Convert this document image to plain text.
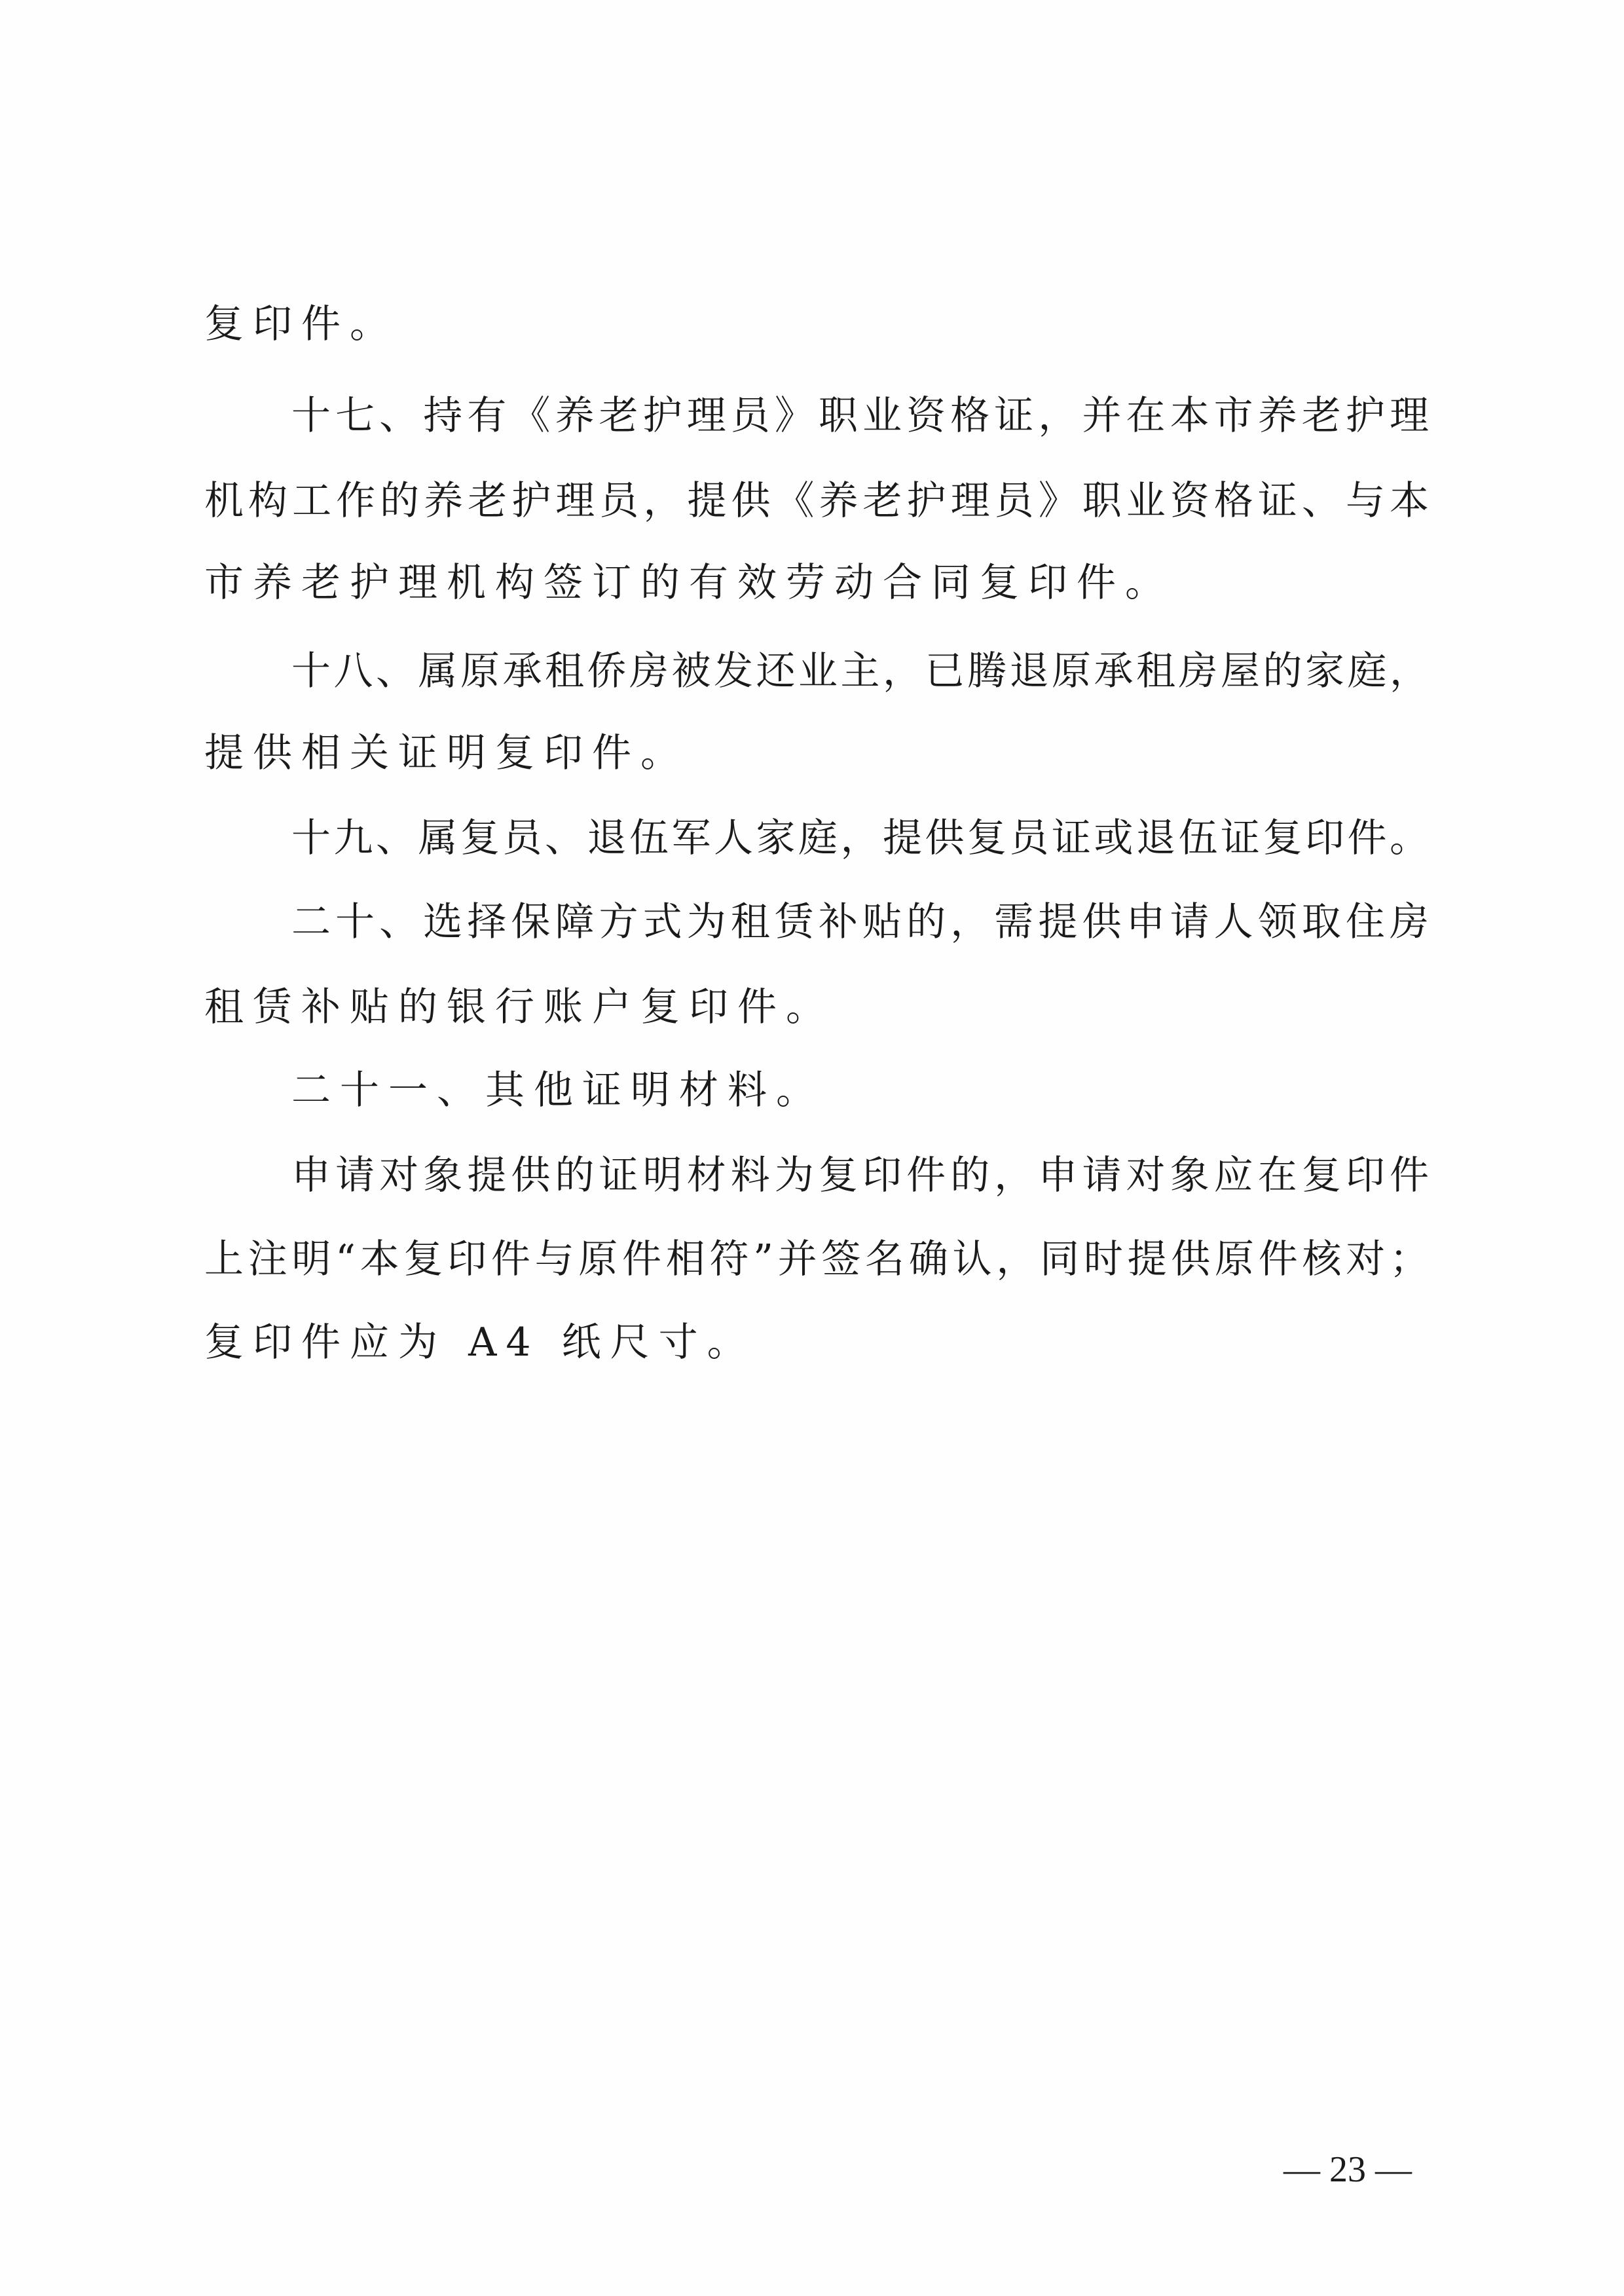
复印件。
十七、持有《养老护理员》职业资格证，并在本市养老护理
机构工作的养老护理员，提供《养老护理员》职业资格证、与本
市养老护理机构签订的有效劳动合同复印件。
十八、属原承租侨房被发还业主，已腾退原承租房屋的家庭，
提供相关证明复印件。
十九、属复员、退伍军人家庭，提供复员证或退伍证复印件。
二十、选择保障方式为租赁补贴的，需提供申请人领取住房
租赁补贴的银行账户复印件。
二十一、其他证明材料。
申请对象提供的证明材料为复印件的，申请对象应在复印件
上注明“本复印件与原件相符”并签名确认，同时提供原件核对；
复印件应为 A4 纸尺寸。
— 23 —
